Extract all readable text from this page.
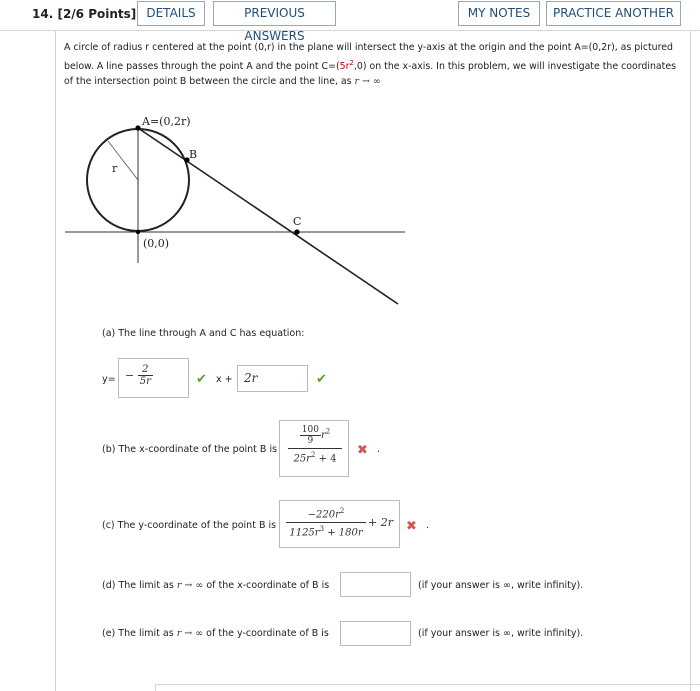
14. [2/6 Points] DETAILS	PREVIOUS ANSWERS
MY NOTES	PRACTICE ANOTHER
A circle of radius r centered at the point (0,r) in the plane will intersect the y-axis at the origin and the point A=(0,2r), as pictured below. A line passes through the point A and the point $C=(5r^2,0)$ on the x-axis. In this problem, we will investigate the coordinates of the intersection point B between the circle and the line, as r → ∞
A=(0,2r)
B
C
r
(0,0)
(a) The line through A and C has equation:
$y= - \frac{2}{5r}$	✔ x + 2r	✔
(b) The x-coordinate of the point B is $\frac{\frac{100}{9} r^2}{25r^2 + 4}$ ✖ .
(c) The y-coordinate of the point B is $\frac{-220r^2}{1125r^3 + 180r} + 2r$ ✖ .
(d) The limit as r → ∞ of the x-coordinate of B is	(if your answer is ∞, write infinity).
(e) The limit as r → ∞ of the y-coordinate of B is	(if your answer is ∞, write infinity).
